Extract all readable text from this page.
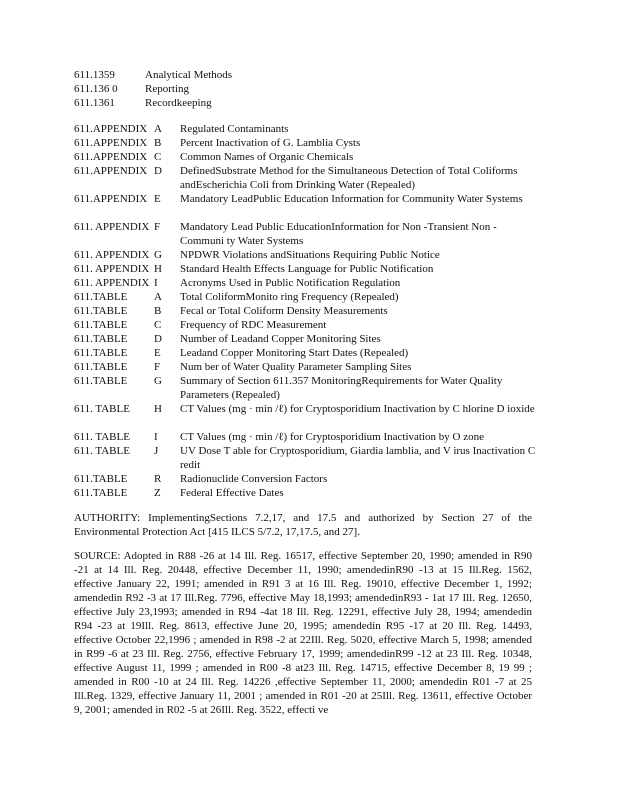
611.1359	Analytical Methods
611.136 0 Reporting
611.1361	Recordkeeping
611.APPENDIX A Regulated Contaminants
611.APPENDIX B Percent Inactivation of G. Lamblia Cysts
611.APPENDIX C Common Names of Organic Chemicals
611.APPENDIX D DefinedSubstrate Method for the Simultaneous Detection of Total Coliforms andEscherichia Coli from Drinking Water (Repealed)
611.APPENDIX E Mandatory LeadPublic Education Information for Community Water Systems
611. APPENDIX F Mandatory Lead Public EducationInformation for Non -Transient Non - Communi ty Water Systems
611. APPENDIX G NPDWR Violations andSituations Requiring Public Notice
611. APPENDIX H Standard Health Effects Language for Public Notification
611. APPENDIX I Acronyms Used in Public Notification Regulation
611.TABLE A Total ColiformMonito ring Frequency (Repealed)
611.TABLE B Fecal or Total Coliform Density Measurements
611.TABLE C Frequency of RDC Measurement
611.TABLE D Number of Leadand Copper Monitoring Sites
611.TABLE E Leadand Copper Monitoring Start Dates (Repealed)
611.TABLE F Num ber of Water Quality Parameter Sampling Sites
611.TABLE G Summary of Section 611.357 MonitoringRequirements for Water Quality Parameters (Repealed)
611. TABLE H CT Values (mg · min /ℓ) for Cryptosporidium Inactivation by C hlorine D ioxide
611. TABLE I CT Values (mg · min /ℓ) for Cryptosporidium Inactivation by O zone
611. TABLE J UV Dose T able for Cryptosporidium, Giardia lamblia, and V irus Inactivation C redit
611.TABLE R Radionuclide Conversion Factors
611.TABLE Z Federal Effective Dates
AUTHORITY: ImplementingSections 7.2,17, and 17.5 and authorized by Section 27 of the Environmental Protection Act [415 ILCS 5/7.2, 17,17.5, and 27].
SOURCE: Adopted in R88 -26 at 14 Ill. Reg. 16517, effective September 20, 1990; amended in R90 -21 at 14 Ill. Reg. 20448, effective December 11, 1990; amendedinR90 -13 at 15 Ill.Reg. 1562, effective January 22, 1991; amended in R91 3 at 16 Ill. Reg. 19010, effective December 1, 1992; amendedin R92 -3 at 17 Ill.Reg. 7796, effective May 18,1993; amendedinR93 - 1at 17 Ill. Reg. 12650, effective July 23,1993; amended in R94 -4at 18 Ill. Reg. 12291, effective July 28, 1994; amendedin R94 -23 at 19Ill. Reg. 8613, effective June 20, 1995; amendedin R95 -17 at 20 Ill. Reg. 14493, effective October 22,1996 ; amended in R98 -2 at 22Ill. Reg. 5020, effective March 5, 1998; amended in R99 -6 at 23 Ill. Reg. 2756, effective February 17, 1999; amendedinR99 -12 at 23 Ill. Reg. 10348, effective August 11, 1999 ; amended in R00 -8 at23 Ill. Reg. 14715, effective December 8, 19 99 ; amended in R00 -10 at 24 Ill. Reg. 14226 ,effective September 11, 2000; amendedin R01 -7 at 25 Ill.Reg. 1329, effective January 11, 2001 ; amended in R01 -20 at 25Ill. Reg. 13611, effective October 9, 2001; amended in R02 -5 at 26Ill. Reg. 3522, effecti ve
